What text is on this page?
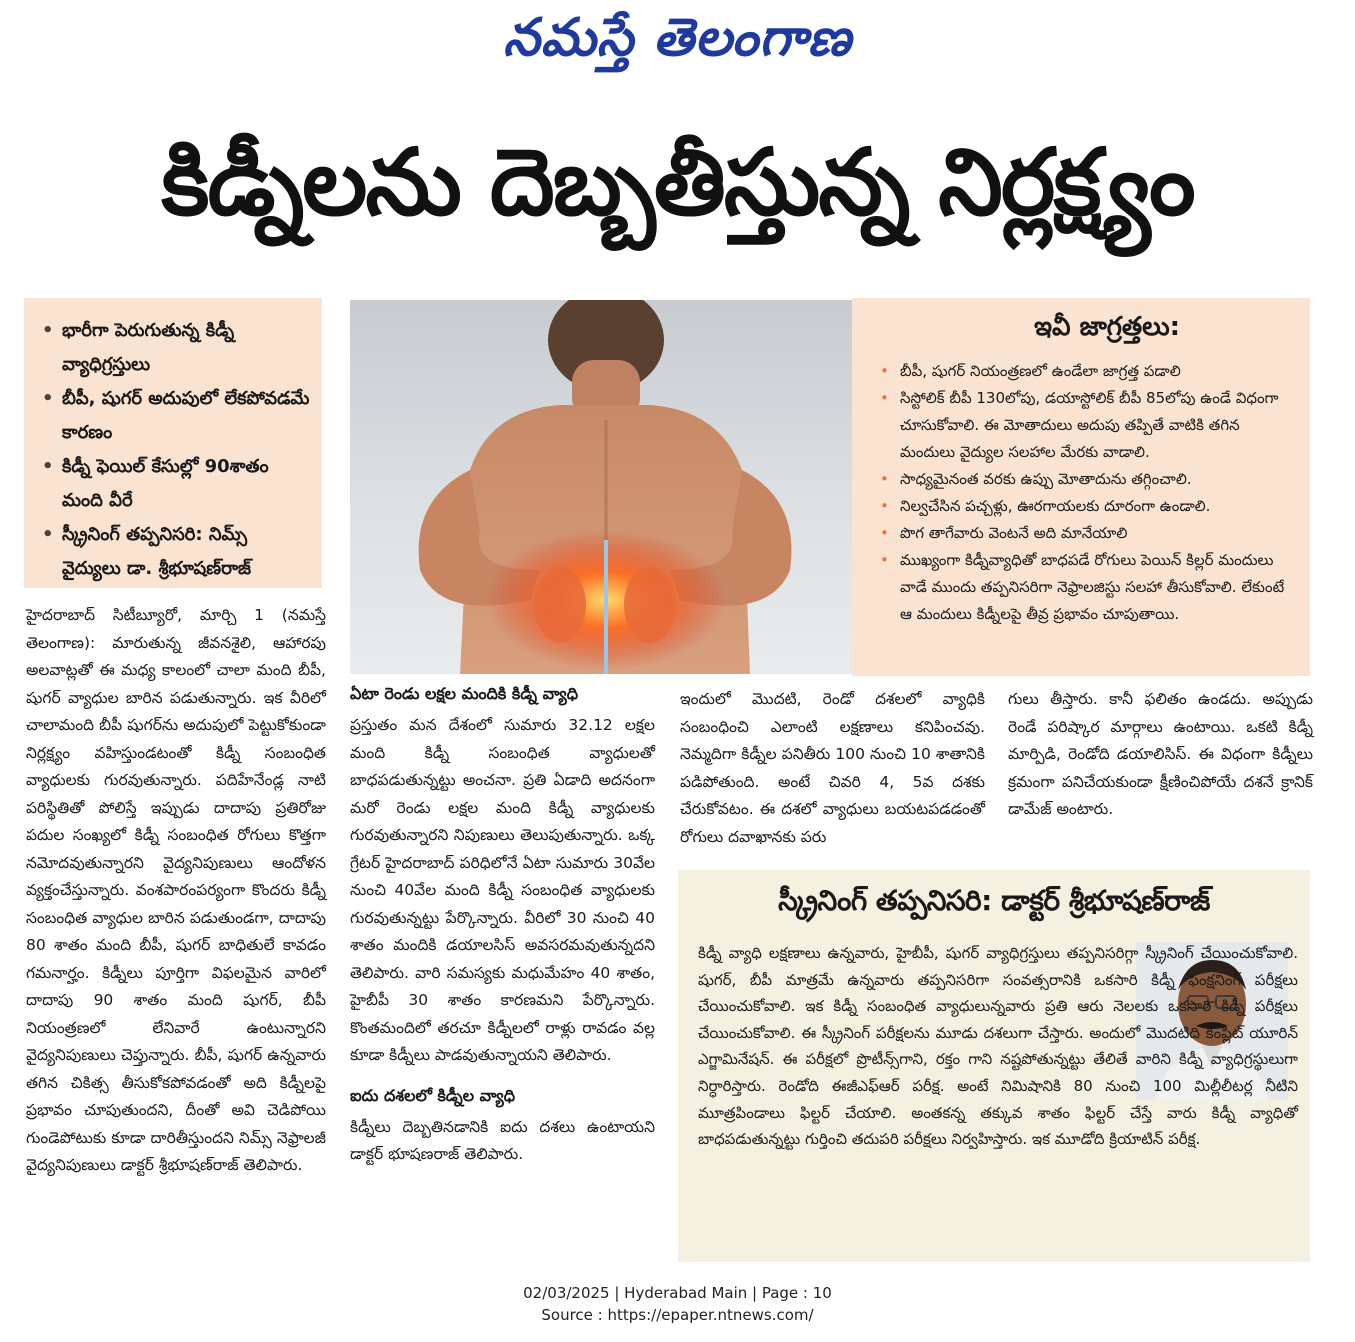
నమస్తే తెలంగాణ
కిడ్నీలను దెబ్బతీస్తున్న నిర్లక్ష్యం
• భారీగా పెరుగుతున్న కిడ్నీ వ్యాధిగ్రస్తులు
• బీపీ, షుగర్ అదుపులో లేకపోవడమే కారణం
• కిడ్నీ ఫెయిల్ కేసుల్లో 90శాతం మంది వీరే
• స్క్రీనింగ్ తప్పనిసరి: నిమ్స్ వైద్యులు డా. శ్రీభూషణ్‌రాజ్
ఇవీ జాగ్రత్తలు:
• బీపీ, షుగర్ నియంత్రణలో ఉండేలా జాగ్రత్త పడాలి
• సిస్టోలిక్ బీపీ 130లోపు, డయాస్టోలిక్ బీపీ 85లోపు ఉండే విధంగా చూసుకోవాలి. ఈ మోతాదులు అదుపు తప్పితే వాటికి తగిన మందులు వైద్యుల సలహాల మేరకు వాడాలి.
• సాధ్యమైనంత వరకు ఉప్పు మోతాదును తగ్గించాలి.
• నిల్వచేసిన పచ్చళ్లు, ఊరగాయలకు దూరంగా ఉండాలి.
• పొగ తాగేవారు వెంటనే అది మానేయాలి
• ముఖ్యంగా కిడ్నీవ్యాధితో బాధపడే రోగులు పెయిన్ కిల్లర్ మందులు వాడే ముందు తప్పనిసరిగా నెఫ్రాలజిస్టు సలహా తీసుకోవాలి. లేకుంటే ఆ మందులు కిడ్నీలపై తీవ్ర ప్రభావం చూపుతాయి.

హైదరాబాద్ సిటీబ్యూరో, మార్చి 1 (నమస్తే తెలంగాణ): మారుతున్న జీవనశైలి, ఆహారపు అలవాట్లతో ఈ మధ్య కాలంలో చాలా మంది బీపీ, షుగర్ వ్యాధుల బారిన పడుతున్నారు. ఇక వీరిలో చాలామంది బీపీ షుగర్‌ను అదుపులో పెట్టుకోకుండా నిర్లక్ష్యం వహిస్తుండటంతో కిడ్నీ సంబంధిత వ్యాధులకు గురవుతున్నారు. పదిహేనేండ్ల నాటి పరిస్థితితో పోలిస్తే ఇప్పుడు దాదాపు ప్రతిరోజు పదుల సంఖ్యలో కిడ్నీ సంబంధిత రోగులు కొత్తగా నమోదవుతున్నారని వైద్యనిపుణులు ఆందోళన వ్యక్తంచేస్తున్నారు. వంశపారంపర్యంగా కొందరు కిడ్నీ సంబంధిత వ్యాధుల బారిన పడుతుండగా, దాదాపు 80 శాతం మంది బీపీ, షుగర్ బాధితులే కావడం గమనార్హం. కిడ్నీలు పూర్తిగా విఫలమైన వారిలో దాదాపు 90 శాతం మంది షుగర్, బీపీ నియంత్రణలో లేనివారే ఉంటున్నారని వైద్యనిపుణులు చెప్తున్నారు. బీపీ, షుగర్ ఉన్నవారు తగిన చికిత్స తీసుకోకపోవడంతో అది కిడ్నీలపై ప్రభావం చూపుతుందని, దీంతో అవి చెడిపోయి గుండెపోటుకు కూడా దారితీస్తుందని నిమ్స్ నెఫ్రాలజీ వైద్యనిపుణులు డాక్టర్ శ్రీభూషణ్‌రాజ్ తెలిపారు.

ఏటా రెండు లక్షల మందికి కిడ్నీ వ్యాధి

ప్రస్తుతం మన దేశంలో సుమారు 32.12 లక్షల మంది కిడ్నీ సంబంధిత వ్యాధులతో బాధపడుతున్నట్టు అంచనా. ప్రతి ఏడాది అదనంగా మరో రెండు లక్షల మంది కిడ్నీ వ్యాధులకు గురవుతున్నారని నిపుణులు తెలుపుతున్నారు. ఒక్క గ్రేటర్ హైదరాబాద్ పరిధిలోనే ఏటా సుమారు 30వేల నుంచి 40వేల మంది కిడ్నీ సంబంధిత వ్యాధులకు గురవుతున్నట్టు పేర్కొన్నారు. వీరిలో 30 నుంచి 40 శాతం మందికి డయాలసిస్ అవసరమవుతున్నదని తెలిపారు. వారి సమస్యకు మధుమేహం 40 శాతం, హైబీపీ 30 శాతం కారణమని పేర్కొన్నారు. కొంతమందిలో తరచూ కిడ్నీలలో రాళ్లు రావడం వల్ల కూడా కిడ్నీలు పాడవుతున్నాయని తెలిపారు.

ఐదు దశలలో కిడ్నీల వ్యాధి

కిడ్నీలు దెబ్బతినడానికి ఐదు దశలు ఉంటాయని డాక్టర్ భూషణరాజ్ తెలిపారు.

ఇందులో మొదటి, రెండో దశలలో వ్యాధికి సంబంధించి ఎలాంటి లక్షణాలు కనిపించవు. నెమ్మదిగా కిడ్నీల పనితీరు 100 నుంచి 10 శాతానికి పడిపోతుంది. అంటే చివరి 4, 5వ దశకు చేరుకోవటం. ఈ దశలో వ్యాధులు బయటపడడంతో రోగులు దవాఖానకు పరు

గులు తీస్తారు. కానీ ఫలితం ఉండదు. అప్పుడు రెండే పరిష్కార మార్గాలు ఉంటాయి. ఒకటి కిడ్నీ మార్పిడి, రెండోది డయాలిసిస్. ఈ విధంగా కిడ్నీలు క్రమంగా పనిచేయకుండా క్షీణించిపోయే దశనే క్రానిక్ డామేజ్ అంటారు.

స్క్రీనింగ్ తప్పనిసరి: డాక్టర్ శ్రీభూషణ్‌రాజ్

కిడ్నీ వ్యాధి లక్షణాలు ఉన్నవారు, హైబీపీ, షుగర్ వ్యాధిగ్రస్తులు తప్పనిసరిగ్గా స్క్రీనింగ్ చేయించుకోవాలి. షుగర్, బీపీ మాత్రమే ఉన్నవారు తప్పనిసరిగా సంవత్సరానికి ఒకసారి కిడ్నీ ఫంక్షనింగ్ పరీక్షలు చేయించుకోవాలి. ఇక కిడ్నీ సంబంధిత వ్యాధులున్నవారు ప్రతి ఆరు నెలలకు ఒకసారి కిడ్నీ పరీక్షలు చేయించుకోవాలి. ఈ స్క్రీనింగ్ పరీక్షలను మూడు దశలుగా చేస్తారు. అందులో మొదటిది కంప్లీట్ యూరిన్ ఎగ్జామినేషన్. ఈ పరీక్షలో ప్రొటీన్స్‌గాని, రక్తం గాని నష్టపోతున్నట్టు తేలితే వారిని కిడ్నీ వ్యాధిగ్రస్థులుగా నిర్ధారిస్తారు. రెండోది ఈజీఎఫ్‌ఆర్ పరీక్ష. అంటే నిమిషానికి 80 నుంచి 100 మిల్లీలీటర్ల నీటిని మూత్రపిండాలు ఫిల్టర్ చేయాలి. అంతకన్న తక్కువ శాతం ఫిల్టర్ చేస్తే వారు కిడ్నీ వ్యాధితో బాధపడుతున్నట్టు గుర్తించి తదుపరి పరీక్షలు నిర్వహిస్తారు. ఇక మూడోది క్రియాటిన్ పరీక్ష.

02/03/2025 | Hyderabad Main | Page : 10
Source : https://epaper.ntnews.com/
